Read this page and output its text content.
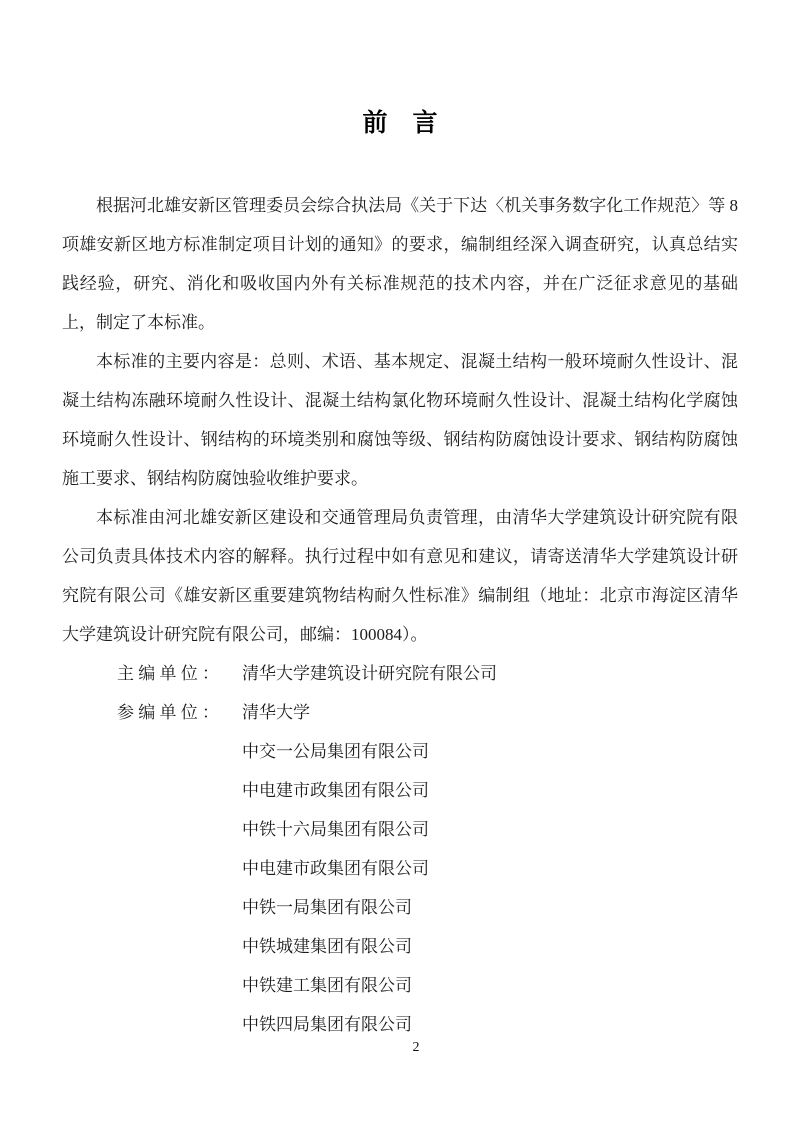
前　言

根据河北雄安新区管理委员会综合执法局《关于下达〈机关事务数字化工作规范〉等 8 项雄安新区地方标准制定项目计划的通知》的要求，编制组经深入调查研究，认真总结实践经验，研究、消化和吸收国内外有关标准规范的技术内容，并在广泛征求意见的基础上，制定了本标准。

本标准的主要内容是：总则、术语、基本规定、混凝土结构一般环境耐久性设计、混凝土结构冻融环境耐久性设计、混凝土结构氯化物环境耐久性设计、混凝土结构化学腐蚀环境耐久性设计、钢结构的环境类别和腐蚀等级、钢结构防腐蚀设计要求、钢结构防腐蚀施工要求、钢结构防腐蚀验收维护要求。

本标准由河北雄安新区建设和交通管理局负责管理，由清华大学建筑设计研究院有限公司负责具体技术内容的解释。执行过程中如有意见和建议，请寄送清华大学建筑设计研究院有限公司《雄安新区重要建筑物结构耐久性标准》编制组（地址：北京市海淀区清华大学建筑设计研究院有限公司，邮编：100084）。

主 编 单 位 ：	清华大学建筑设计研究院有限公司
参 编 单 位 ：	清华大学
中交一公局集团有限公司
中电建市政集团有限公司
中铁十六局集团有限公司
中电建市政集团有限公司
中铁一局集团有限公司
中铁城建集团有限公司
中铁建工集团有限公司
中铁四局集团有限公司
2
